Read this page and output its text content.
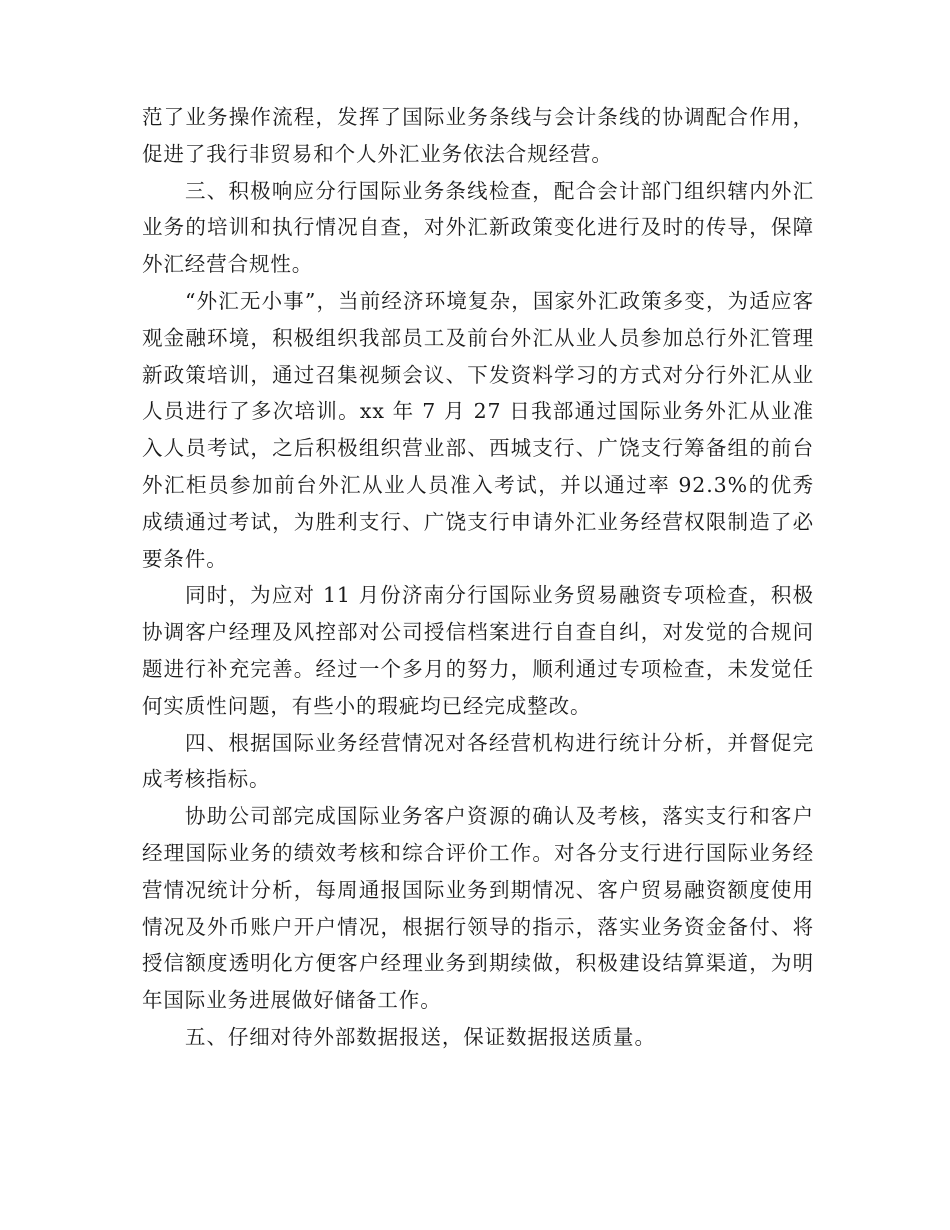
范了业务操作流程，发挥了国际业务条线与会计条线的协调配合作用，促进了我行非贸易和个人外汇业务依法合规经营。

三、积极响应分行国际业务条线检查，配合会计部门组织辖内外汇业务的培训和执行情况自查，对外汇新政策变化进行及时的传导，保障外汇经营合规性。

“外汇无小事”，当前经济环境复杂，国家外汇政策多变，为适应客观金融环境，积极组织我部员工及前台外汇从业人员参加总行外汇管理新政策培训，通过召集视频会议、下发资料学习的方式对分行外汇从业人员进行了多次培训。xx 年 7 月 27 日我部通过国际业务外汇从业准入人员考试，之后积极组织营业部、西城支行、广饶支行筹备组的前台外汇柜员参加前台外汇从业人员准入考试，并以通过率 92.3%的优秀成绩通过考试，为胜利支行、广饶支行申请外汇业务经营权限制造了必要条件。

同时，为应对 11 月份济南分行国际业务贸易融资专项检查，积极协调客户经理及风控部对公司授信档案进行自查自纠，对发觉的合规问题进行补充完善。经过一个多月的努力，顺利通过专项检查，未发觉任何实质性问题，有些小的瑕疵均已经完成整改。

四、根据国际业务经营情况对各经营机构进行统计分析，并督促完成考核指标。

协助公司部完成国际业务客户资源的确认及考核，落实支行和客户经理国际业务的绩效考核和综合评价工作。对各分支行进行国际业务经营情况统计分析，每周通报国际业务到期情况、客户贸易融资额度使用情况及外币账户开户情况，根据行领导的指示，落实业务资金备付、将授信额度透明化方便客户经理业务到期续做，积极建设结算渠道，为明年国际业务进展做好储备工作。

五、仔细对待外部数据报送，保证数据报送质量。
